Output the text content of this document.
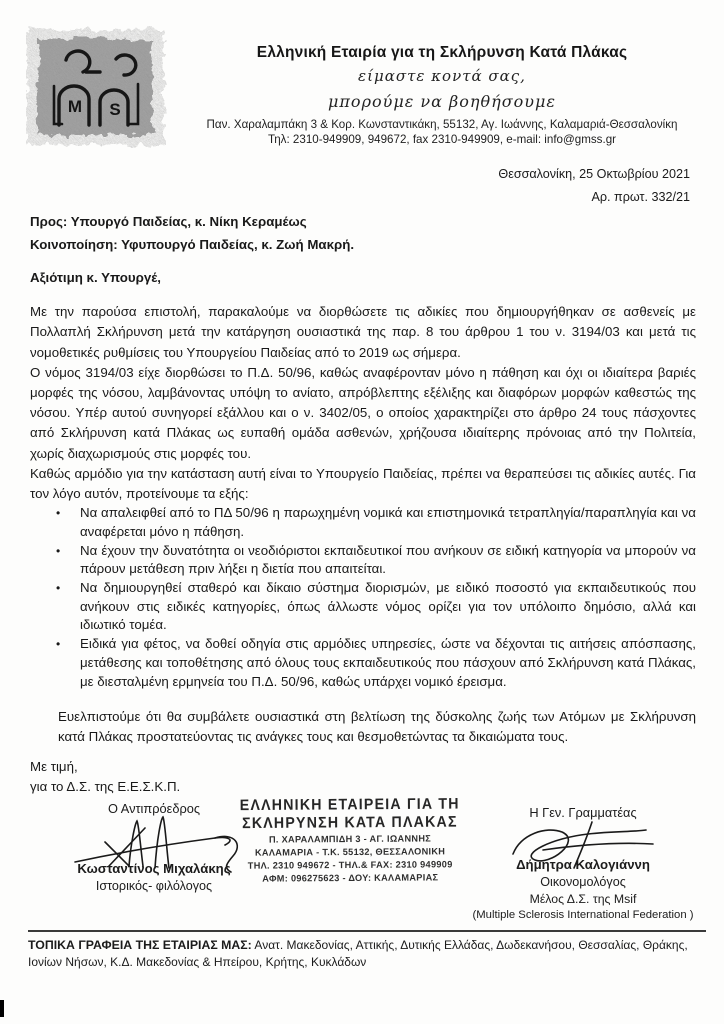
M S
Ελληνική Εταιρία για τη Σκλήρυνση Κατά Πλάκας
είμαστε κοντά σας,
μπορούμε να βοηθήσουμε
Παν. Χαραλαμπάκη 3 & Κορ. Κωνσταντικάκη, 55132, Αγ. Ιωάννης, Καλαμαριά-Θεσσαλονίκη
Τηλ: 2310-949909, 949672, fax 2310-949909, e-mail: info@gmss.gr
Θεσσαλονίκη, 25 Οκτωβρίου 2021
Αρ. πρωτ. 332/21
Προς: Υπουργό Παιδείας, κ. Νίκη Κεραμέως
Κοινοποίηση: Υφυπουργό Παιδείας, κ. Ζωή Μακρή.
Αξιότιμη κ. Υπουργέ,

Με την παρούσα επιστολή, παρακαλούμε να διορθώσετε τις αδικίες που δημιουργήθηκαν σε ασθενείς με Πολλαπλή Σκλήρυνση μετά την κατάργηση ουσιαστικά της παρ. 8 του άρθρου 1 του ν. 3194/03 και μετά τις νομοθετικές ρυθμίσεις του Υπουργείου Παιδείας από το 2019 ως σήμερα.

Ο νόμος 3194/03 είχε διορθώσει το Π.Δ. 50/96, καθώς αναφέρονταν μόνο η πάθηση και όχι οι ιδιαίτερα βαριές μορφές της νόσου, λαμβάνοντας υπόψη το ανίατο, απρόβλεπτης εξέλιξης και διαφόρων μορφών καθεστώς της νόσου. Υπέρ αυτού συνηγορεί εξάλλου και ο ν. 3402/05, ο οποίος χαρακτηρίζει στο άρθρο 24 τους πάσχοντες από Σκλήρυνση κατά Πλάκας ως ευπαθή ομάδα ασθενών, χρήζουσα ιδιαίτερης πρόνοιας από την Πολιτεία, χωρίς διαχωρισμούς στις μορφές του.

Καθώς αρμόδιο για την κατάσταση αυτή είναι το Υπουργείο Παιδείας, πρέπει να θεραπεύσει τις αδικίες αυτές. Για τον λόγο αυτόν, προτείνουμε τα εξής:

•
Να απαλειφθεί από το ΠΔ 50/96 η παρωχημένη νομικά και επιστημονικά τετραπληγία/παραπληγία και να αναφέρεται μόνο η πάθηση.
•
Να έχουν την δυνατότητα οι νεοδιόριστοι εκπαιδευτικοί που ανήκουν σε ειδική κατηγορία να μπορούν να πάρουν μετάθεση πριν λήξει η διετία που απαιτείται.
•
Να δημιουργηθεί σταθερό και δίκαιο σύστημα διορισμών, με ειδικό ποσοστό για εκπαιδευτικούς που ανήκουν στις ειδικές κατηγορίες, όπως άλλωστε νόμος ορίζει για τον υπόλοιπο δημόσιο, αλλά και ιδιωτικό τομέα.
•
Ειδικά για φέτος, να δοθεί οδηγία στις αρμόδιες υπηρεσίες, ώστε να δέχονται τις αιτήσεις απόσπασης, μετάθεσης και τοποθέτησης από όλους τους εκπαιδευτικούς που πάσχουν από Σκλήρυνση κατά Πλάκας, με διεσταλμένη ερμηνεία του Π.Δ. 50/96, καθώς υπάρχει νομικό έρεισμα.

Ευελπιστούμε ότι θα συμβάλετε ουσιαστικά στη βελτίωση της δύσκολης ζωής των Ατόμων με Σκλήρυνση κατά Πλάκας προστατεύοντας τις ανάγκες τους και θεσμοθετώντας τα δικαιώματα τους.

Με τιμή,

για το Δ.Σ. της Ε.Ε.Σ.Κ.Π.

Ο Αντιπρόεδρος
Κωσταντίνος Μιχαλάκης
Ιστορικός- φιλόλογος
ΕΛΛΗΝΙΚΗ ΕΤΑΙΡΕΙΑ ΓΙΑ ΤΗ
ΣΚΛΗΡΥΝΣΗ ΚΑΤΑ ΠΛΑΚΑΣ
Π. ΧΑΡΑΛΑΜΠΙΔΗ 3 - ΑΓ. ΙΩΑΝΝΗΣ
ΚΑΛΑΜΑΡΙΑ - Τ.Κ. 55132, ΘΕΣΣΑΛΟΝΙΚΗ
ΤΗΛ. 2310 949672 - ΤΗΛ.& FAX: 2310 949909
ΑΦΜ: 096275623 - ΔΟΥ: ΚΑΛΑΜΑΡΙΑΣ
Η Γεν. Γραμματέας
Δήμητρα Καλογιάννη
Οικονομολόγος
Μέλος Δ.Σ. της Msif
(Multiple Sclerosis International Federation )

ΤΟΠΙΚΑ ΓΡΑΦΕΙΑ ΤΗΣ ΕΤΑΙΡΙΑΣ ΜΑΣ: Ανατ. Μακεδονίας, Αττικής, Δυτικής Ελλάδας, Δωδεκανήσου, Θεσσαλίας, Θράκης, Ιονίων Νήσων, Κ.Δ. Μακεδονίας & Ηπείρου, Κρήτης, Κυκλάδων
